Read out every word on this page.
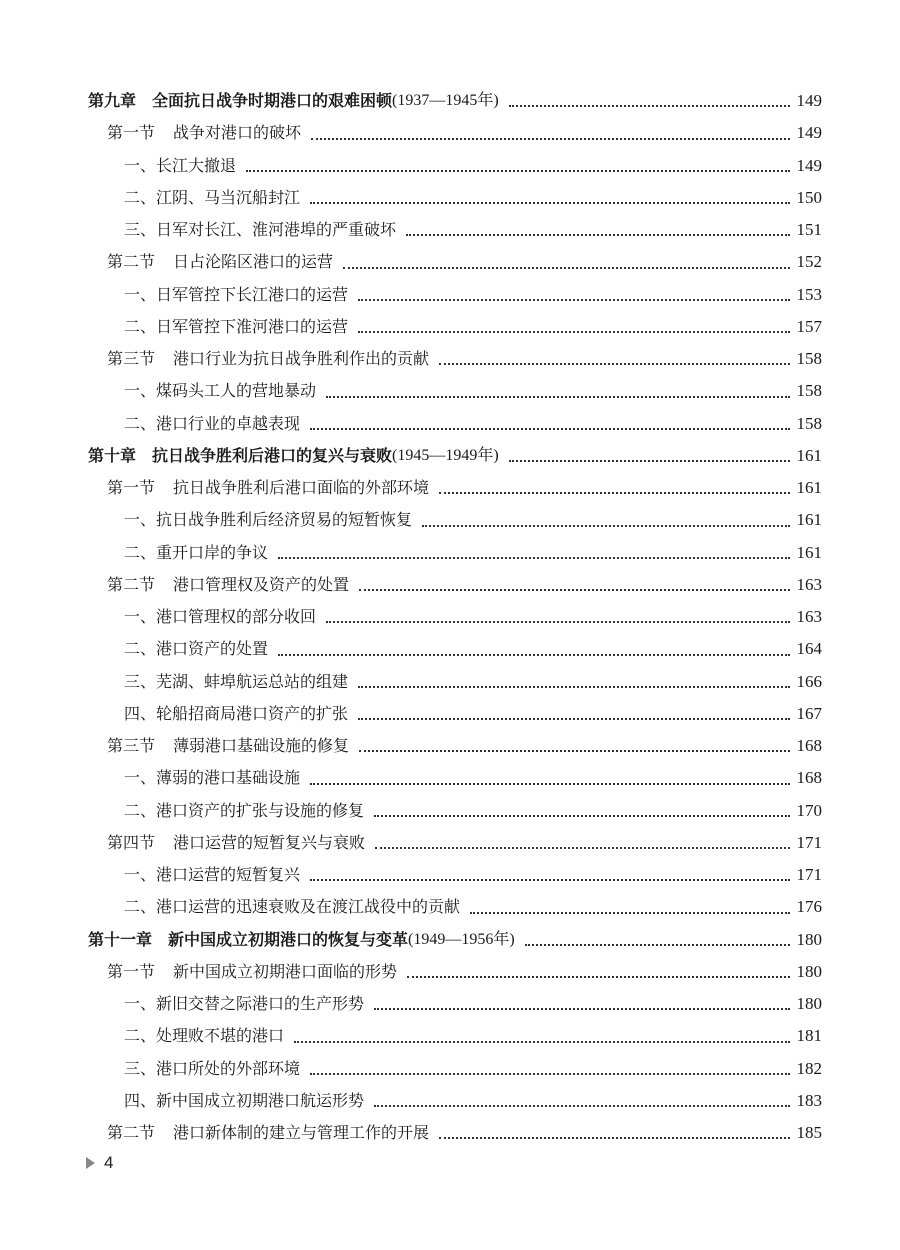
第九章 全面抗日战争时期港口的艰难困顿 (1937—1945年)	149
第一节 战争对港口的破坏	149
一、 长江大撤退	149
二、 江阴、马当沉船封江	150
三、 日军对长江、淮河港埠的严重破坏	151
第二节 日占沦陷区港口的运营	152
一、 日军管控下长江港口的运营	153
二、 日军管控下淮河港口的运营	157
第三节 港口行业为抗日战争胜利作出的贡献	158
一、 煤码头工人的营地暴动	158
二、 港口行业的卓越表现	158
第十章 抗日战争胜利后港口的复兴与衰败 (1945—1949年)	161
第一节 抗日战争胜利后港口面临的外部环境	161
一、 抗日战争胜利后经济贸易的短暂恢复	161
二、 重开口岸的争议	161
第二节 港口管理权及资产的处置	163
一、 港口管理权的部分收回	163
二、 港口资产的处置	164
三、 芜湖、蚌埠航运总站的组建	166
四、 轮船招商局港口资产的扩张	167
第三节 薄弱港口基础设施的修复	168
一、 薄弱的港口基础设施	168
二、 港口资产的扩张与设施的修复	170
第四节 港口运营的短暂复兴与衰败	171
一、 港口运营的短暂复兴	171
二、 港口运营的迅速衰败及在渡江战役中的贡献	176
第十一章 新中国成立初期港口的恢复与变革 (1949—1956年)	180
第一节 新中国成立初期港口面临的形势	180
一、 新旧交替之际港口的生产形势	180
二、 处理败不堪的港口	181
三、 港口所处的外部环境	182
四、 新中国成立初期港口航运形势	183
第二节 港口新体制的建立与管理工作的开展	185
4
